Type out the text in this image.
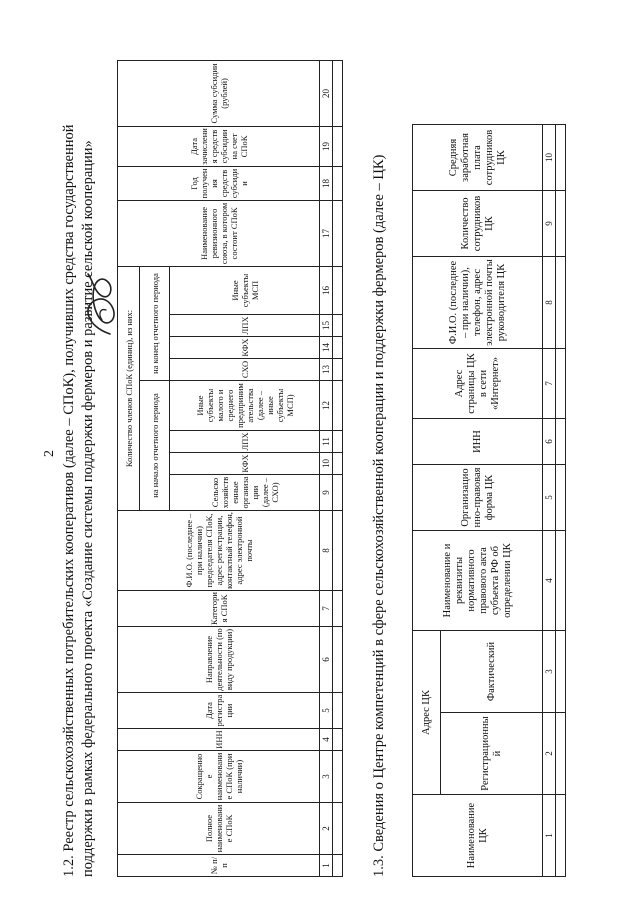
2 1.2. Реестр сельскохозяйственных потребительских кооперативов (далее – СПоК), получивших средства государственной поддержки в рамках федерального проекта «Создание системы поддержки фермеров и развитие сельской кооперации»	№ п/п	Полное наименование СПоК	Сокращенное наименование СПоК (при наличии)	ИНН	Дата регистрации	Направление деятельности (по виду продукции)	Категория СПоК	Ф.И.О. (последнее – при наличии) председателя СПоК, адрес регистрации, контактный телефон, адрес электронной почты	Количество членов СПоК (единиц), из них:								Наименование ревизионного союза, в котором состоит СПоК	Год получения средств субсидии	Дата зачисления средств субсидии на счет СПоК	Сумма субсидии (рублей)
								на начало отчетного периода				на конец отчетного периода							
								Сельскохозяйственные организации (далее – СХО)	КФХ	ЛПХ	Иные субъекты малого и среднего предпринимательства (далее – иные субъекты МСП)	СХО	КФХ	ЛПХ	Иные субъекты МСП				
1	2	3	4	5	6	7	8	9	10	11	12	13	14	15	16	17	18	19	20

1.3. Сведения о Центре компетенций в сфере сельскохозяйственной кооперации и поддержки фермеров (далее – ЦК)	Наименование ЦК	Адрес ЦК		Наименование и реквизиты нормативного правового акта субъекта РФ об определении ЦК	Организационно-правовая форма ЦК	ИНН	Адрес страницы ЦК в сети «Интернет»	Ф.И.О. (последнее – при наличии), телефон, адрес электронной почты руководителя ЦК	Количество сотрудников ЦК	Средняя заработная плата сотрудников ЦК
	Регистрационный	Фактический							
1	2	3	4	5	6	7	8	9	10
